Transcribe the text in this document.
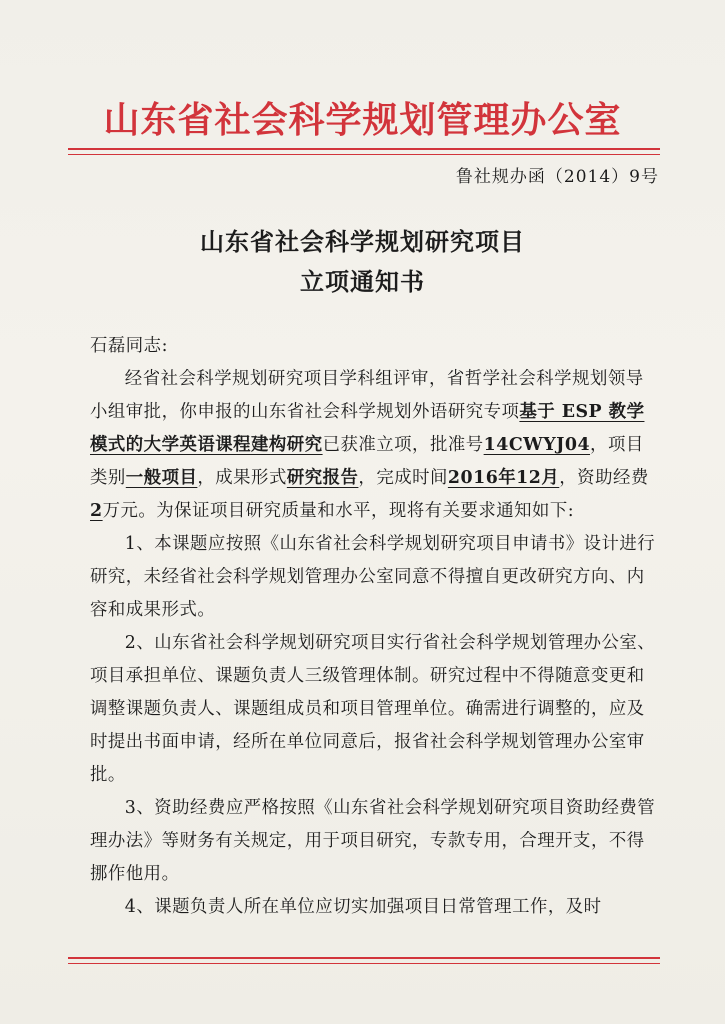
山东省社会科学规划管理办公室
鲁社规办函（2014）9号
山东省社会科学规划研究项目
立项通知书

石磊同志:

经省社会科学规划研究项目学科组评审，省哲学社会科学规划领导小组审批，你申报的山东省社会科学规划外语研究专项基于 ESP 教学模式的大学英语课程建构研究已获准立项，批准号14CWYJ04，项目类别一般项目，成果形式研究报告，完成时间2016年12月，资助经费2万元。为保证项目研究质量和水平，现将有关要求通知如下:

1、本课题应按照《山东省社会科学规划研究项目申请书》设计进行研究，未经省社会科学规划管理办公室同意不得擅自更改研究方向、内容和成果形式。

2、山东省社会科学规划研究项目实行省社会科学规划管理办公室、项目承担单位、课题负责人三级管理体制。研究过程中不得随意变更和调整课题负责人、课题组成员和项目管理单位。确需进行调整的，应及时提出书面申请，经所在单位同意后，报省社会科学规划管理办公室审批。

3、资助经费应严格按照《山东省社会科学规划研究项目资助经费管理办法》等财务有关规定，用于项目研究，专款专用，合理开支，不得挪作他用。

4、课题负责人所在单位应切实加强项目日常管理工作，及时
